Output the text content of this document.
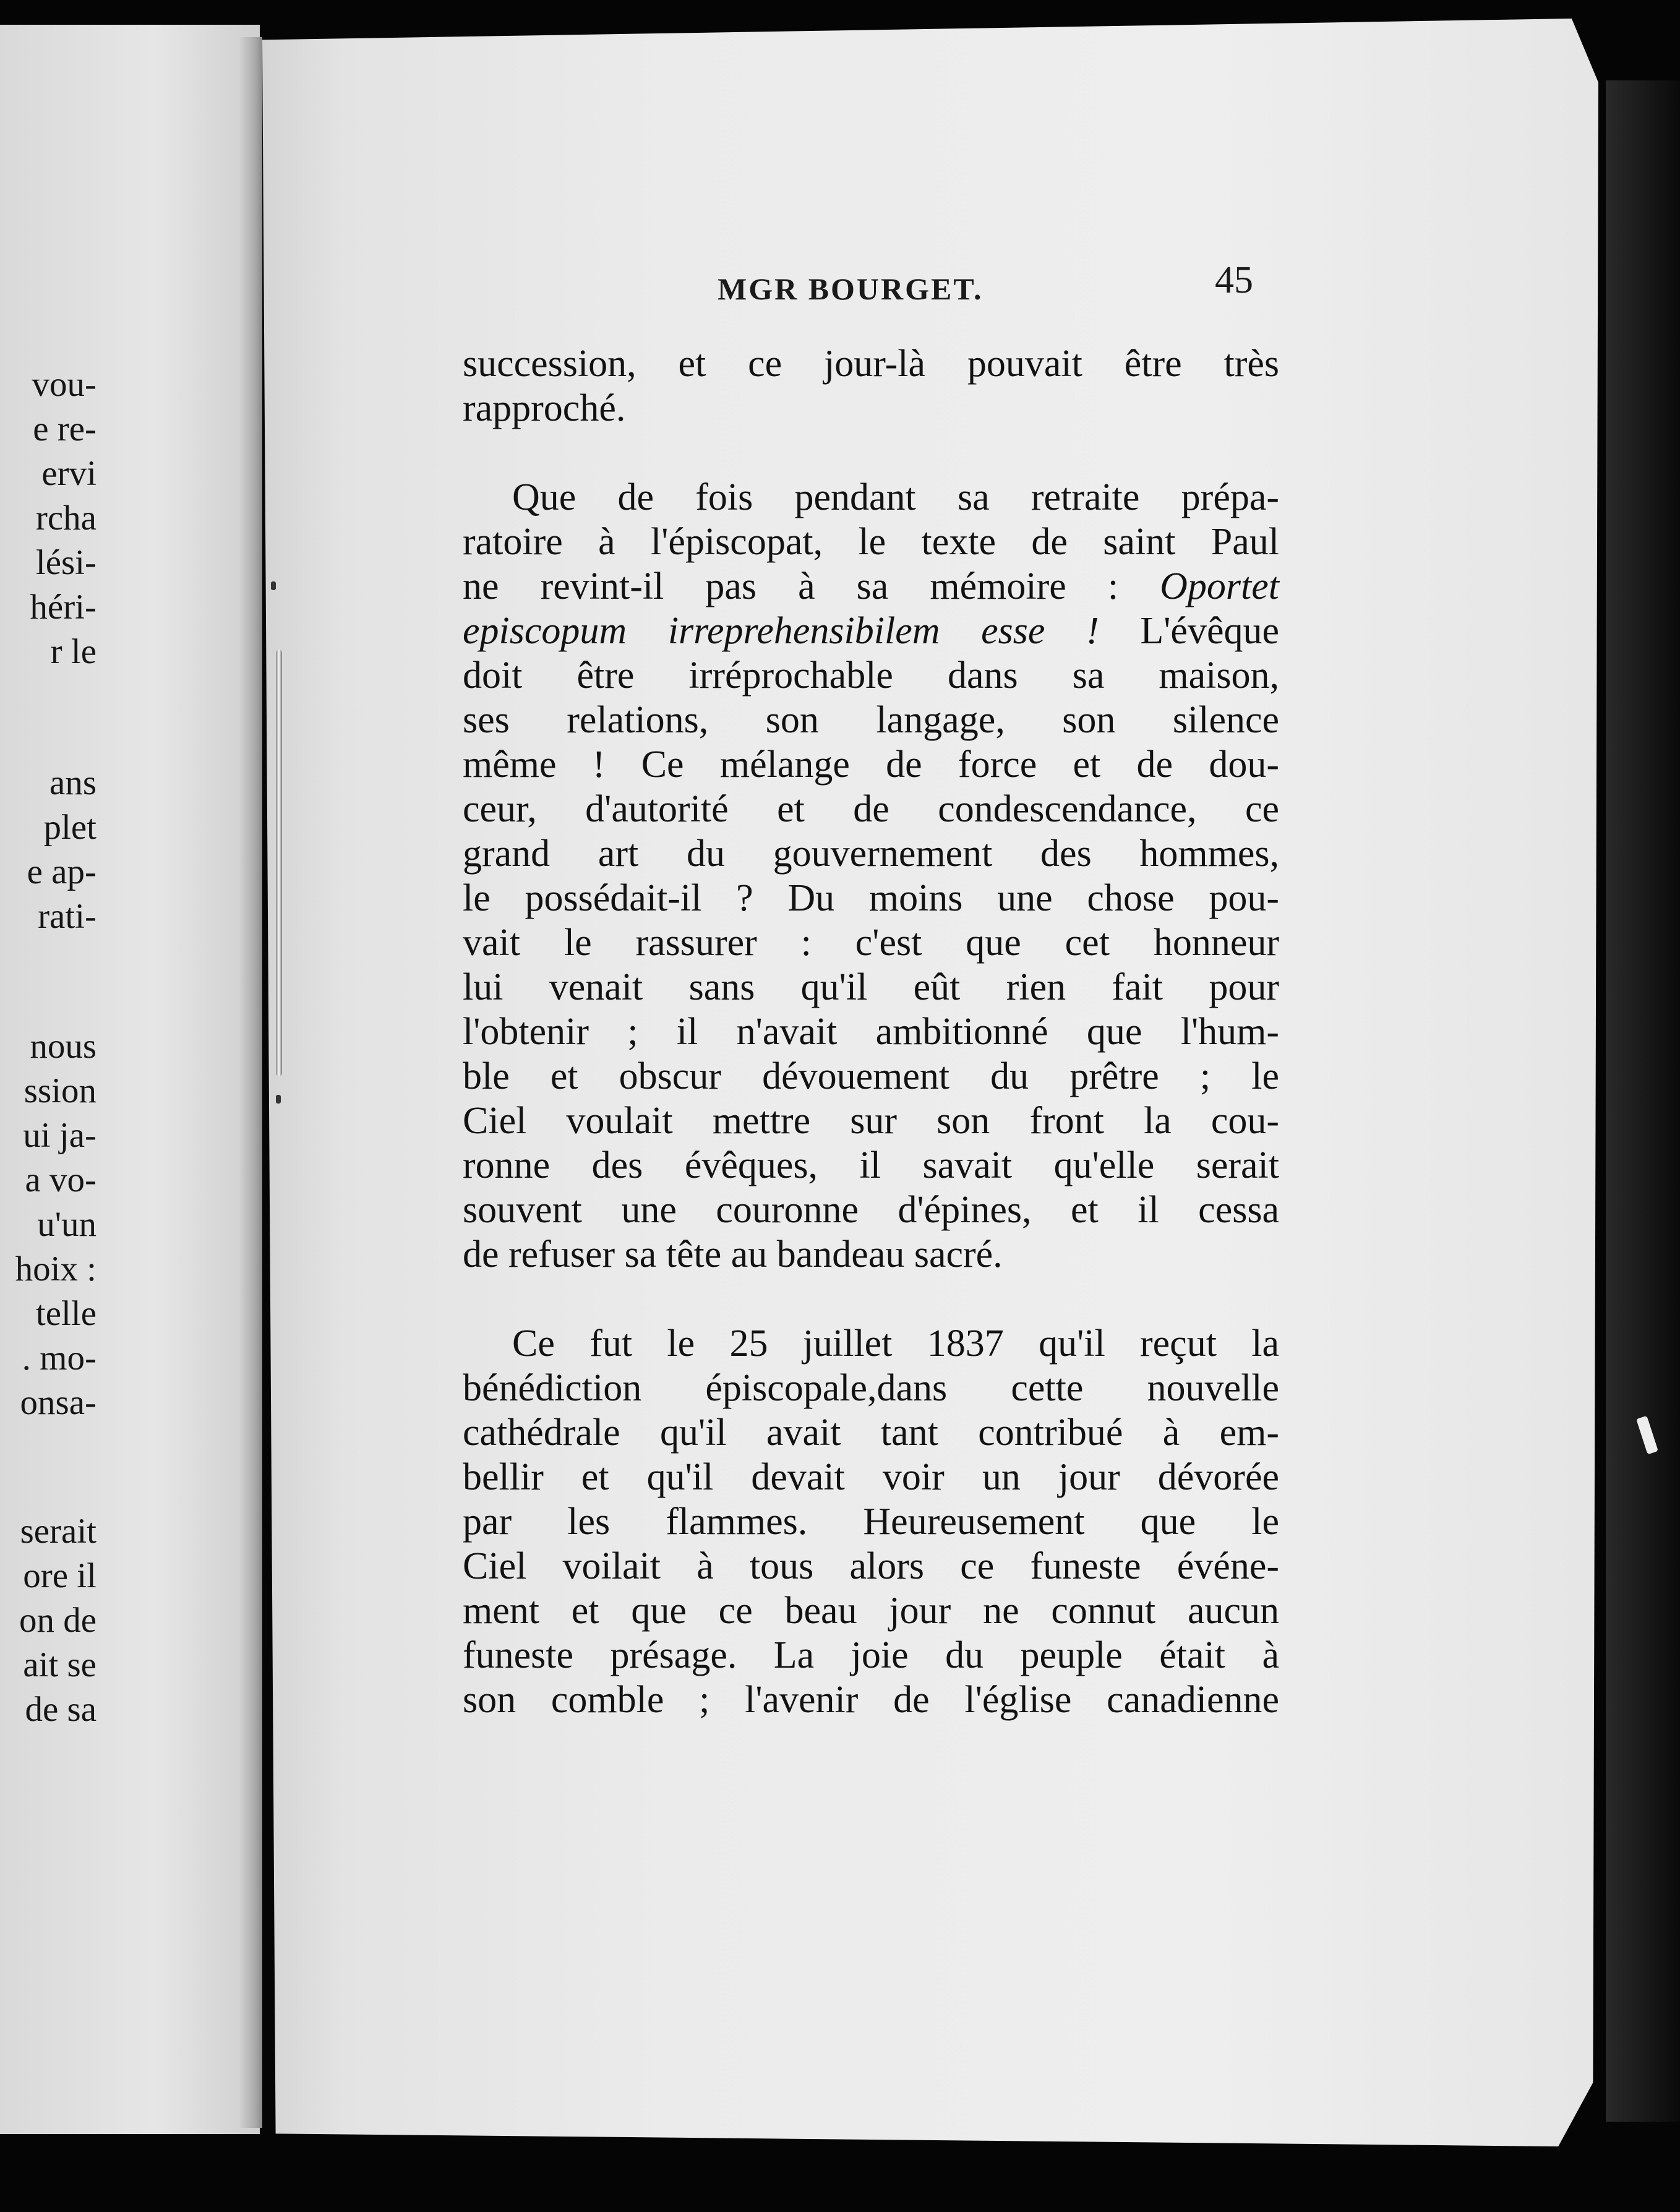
vou-
e re-
ervi
rcha
lési-
héri-
r le
ans
plet
e ap-
rati-
nous
ssion
ui ja-
a vo-
u'un
hoix :
telle
. mo-
onsa-
serait
ore il
on de
ait se
de sa
MGR BOURGET.	45

succession, et ce jour-là pouvait être très
rapproché.

Que de fois pendant sa retraite prépa-
ratoire à l'épiscopat, le texte de saint Paul
ne revint-il pas à sa mémoire : Oportet
episcopum irreprehensibilem esse ! L'évêque
doit être irréprochable dans sa maison,
ses relations, son langage, son silence
même ! Ce mélange de force et de dou-
ceur, d'autorité et de condescendance, ce
grand art du gouvernement des hommes,
le possédait-il ? Du moins une chose pou-
vait le rassurer : c'est que cet honneur
lui venait sans qu'il eût rien fait pour
l'obtenir ; il n'avait ambitionné que l'hum-
ble et obscur dévouement du prêtre ; le
Ciel voulait mettre sur son front la cou-
ronne des évêques, il savait qu'elle serait
souvent une couronne d'épines, et il cessa
de refuser sa tête au bandeau sacré.

Ce fut le 25 juillet 1837 qu'il reçut la
bénédiction épiscopale,dans cette nouvelle
cathédrale qu'il avait tant contribué à em-
bellir et qu'il devait voir un jour dévorée
par les flammes. Heureusement que le
Ciel voilait à tous alors ce funeste événe-
ment et que ce beau jour ne connut aucun
funeste présage. La joie du peuple était à
son comble ; l'avenir de l'église canadienne
